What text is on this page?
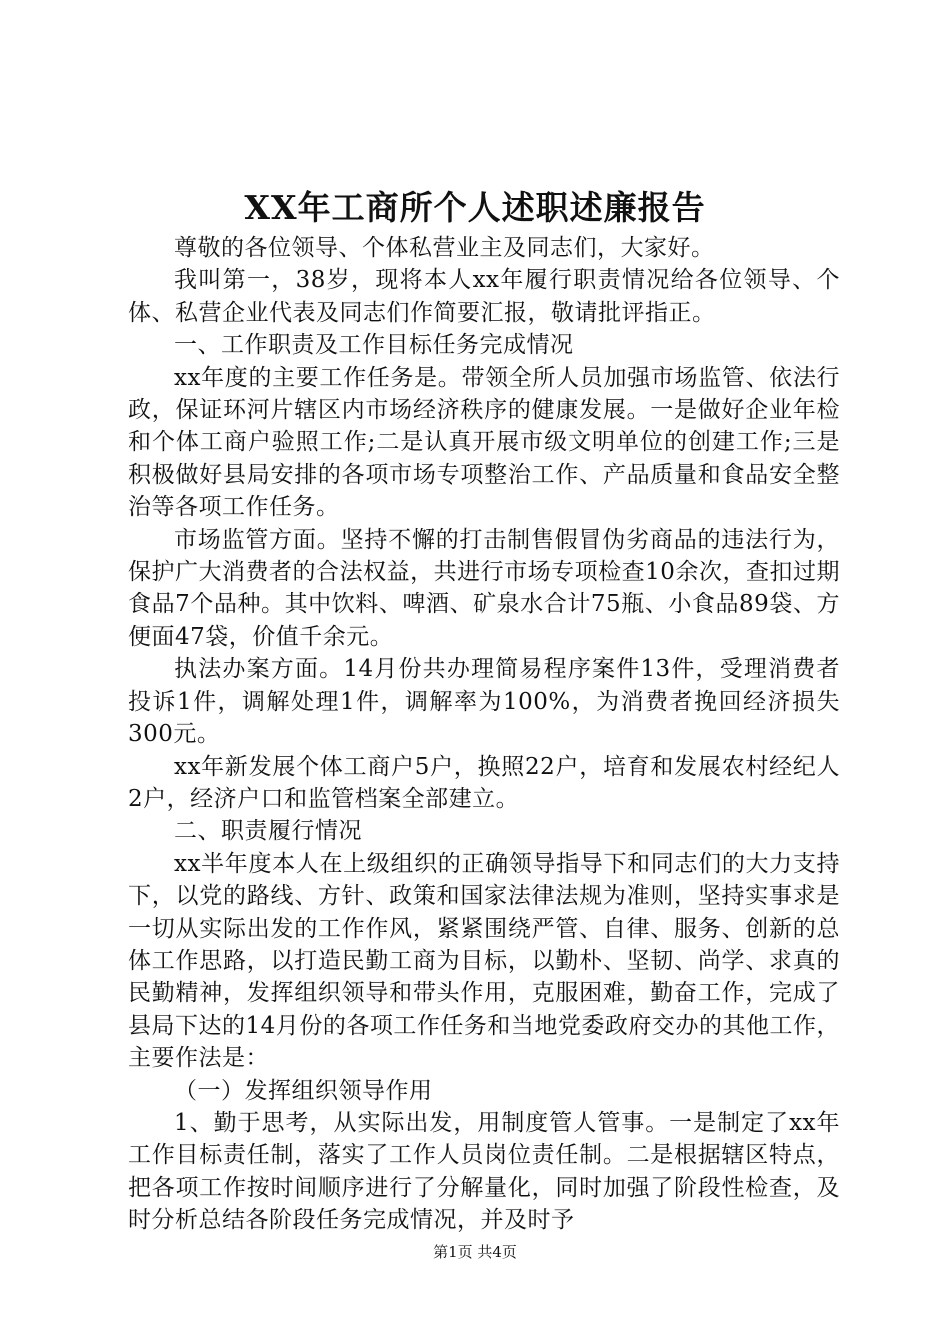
XX年工商所个人述职述廉报告

尊敬的各位领导、个体私营业主及同志们，大家好。

我叫第一，38岁，现将本人xx年履行职责情况给各位领导、个体、私营企业代表及同志们作简要汇报，敬请批评指正。

一、工作职责及工作目标任务完成情况

xx年度的主要工作任务是。带领全所人员加强市场监管、依法行政，保证环河片辖区内市场经济秩序的健康发展。一是做好企业年检和个体工商户验照工作;二是认真开展市级文明单位的创建工作;三是积极做好县局安排的各项市场专项整治工作、产品质量和食品安全整治等各项工作任务。

市场监管方面。坚持不懈的打击制售假冒伪劣商品的违法行为，保护广大消费者的合法权益，共进行市场专项检查10余次，查扣过期食品7个品种。其中饮料、啤酒、矿泉水合计75瓶、小食品89袋、方便面47袋，价值千余元。

执法办案方面。14月份共办理简易程序案件13件，受理消费者投诉1件，调解处理1件，调解率为100%，为消费者挽回经济损失300元。

xx年新发展个体工商户5户，换照22户，培育和发展农村经纪人2户，经济户口和监管档案全部建立。

二、职责履行情况

xx半年度本人在上级组织的正确领导指导下和同志们的大力支持下，以党的路线、方针、政策和国家法律法规为准则，坚持实事求是一切从实际出发的工作作风，紧紧围绕严管、自律、服务、创新的总体工作思路，以打造民勤工商为目标，以勤朴、坚韧、尚学、求真的民勤精神，发挥组织领导和带头作用，克服困难，勤奋工作，完成了县局下达的14月份的各项工作任务和当地党委政府交办的其他工作，主要作法是：

（一）发挥组织领导作用

1、勤于思考，从实际出发，用制度管人管事。一是制定了xx年工作目标责任制，落实了工作人员岗位责任制。二是根据辖区特点，把各项工作按时间顺序进行了分解量化，同时加强了阶段性检查，及时分析总结各阶段任务完成情况，并及时予

第1页 共4页
